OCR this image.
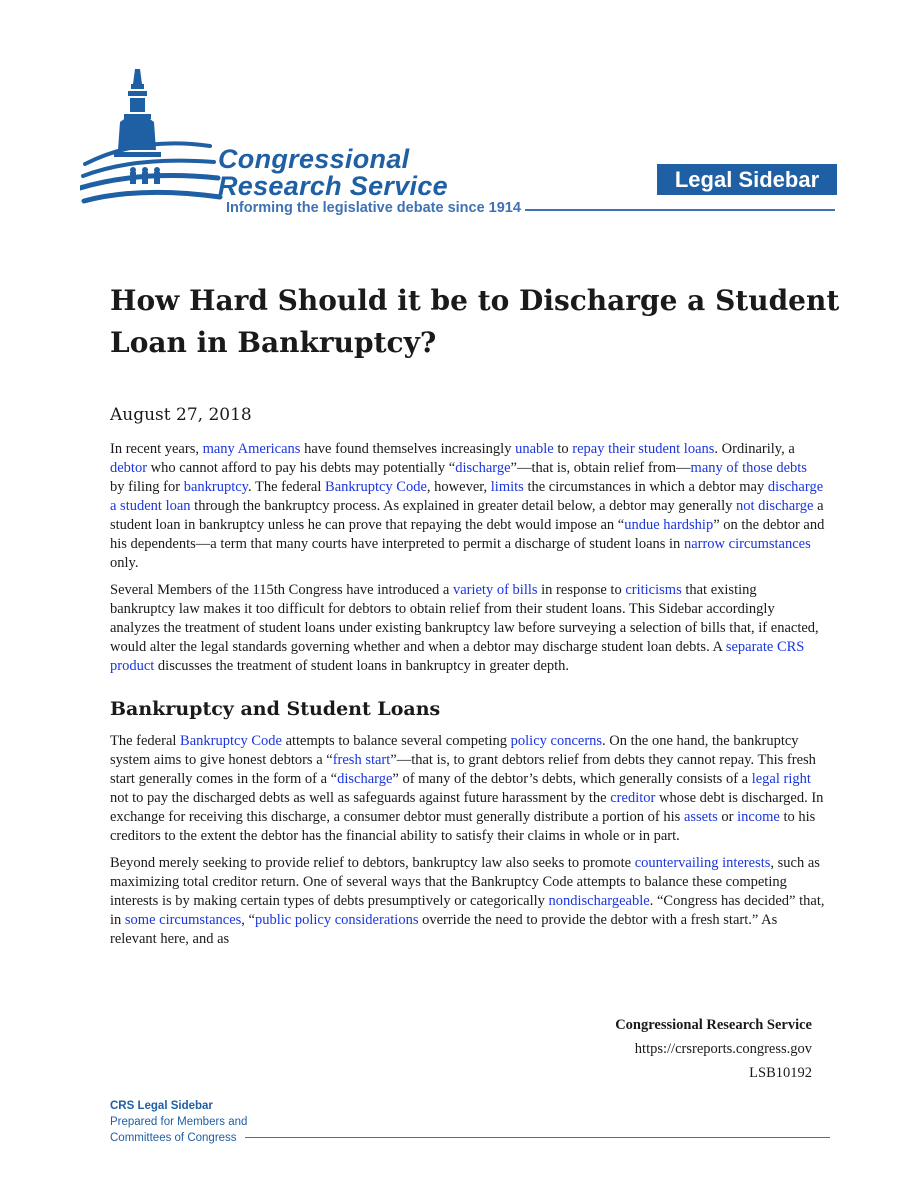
Congressional
Research Service
Informing the legislative debate since 1914
Legal Sidebar
How Hard Should it be to Discharge a Student Loan in Bankruptcy?
August 27, 2018

In recent years, many Americans have found themselves increasingly unable to repay their student loans. Ordinarily, a debtor who cannot afford to pay his debts may potentially “discharge”—that is, obtain relief from—many of those debts by filing for bankruptcy. The federal Bankruptcy Code, however, limits the circumstances in which a debtor may discharge a student loan through the bankruptcy process. As explained in greater detail below, a debtor may generally not discharge a student loan in bankruptcy unless he can prove that repaying the debt would impose an “undue hardship” on the debtor and his dependents—a term that many courts have interpreted to permit a discharge of student loans in narrow circumstances only.

Several Members of the 115th Congress have introduced a variety of bills in response to criticisms that existing bankruptcy law makes it too difficult for debtors to obtain relief from their student loans. This Sidebar accordingly analyzes the treatment of student loans under existing bankruptcy law before surveying a selection of bills that, if enacted, would alter the legal standards governing whether and when a debtor may discharge student loan debts. A separate CRS product discusses the treatment of student loans in bankruptcy in greater depth.

Bankruptcy and Student Loans

The federal Bankruptcy Code attempts to balance several competing policy concerns. On the one hand, the bankruptcy system aims to give honest debtors a “fresh start”—that is, to grant debtors relief from debts they cannot repay. This fresh start generally comes in the form of a “discharge” of many of the debtor’s debts, which generally consists of a legal right not to pay the discharged debts as well as safeguards against future harassment by the creditor whose debt is discharged. In exchange for receiving this discharge, a consumer debtor must generally distribute a portion of his assets or income to his creditors to the extent the debtor has the financial ability to satisfy their claims in whole or in part.

Beyond merely seeking to provide relief to debtors, bankruptcy law also seeks to promote countervailing interests, such as maximizing total creditor return. One of several ways that the Bankruptcy Code attempts to balance these competing interests is by making certain types of debts presumptively or categorically nondischargeable. “Congress has decided” that, in some circumstances, “public policy considerations override the need to provide the debtor with a fresh start.” As relevant here, and as

Congressional Research Service
https://crsreports.congress.gov
LSB10192
CRS Legal Sidebar
Prepared for Members and
Committees of Congress
